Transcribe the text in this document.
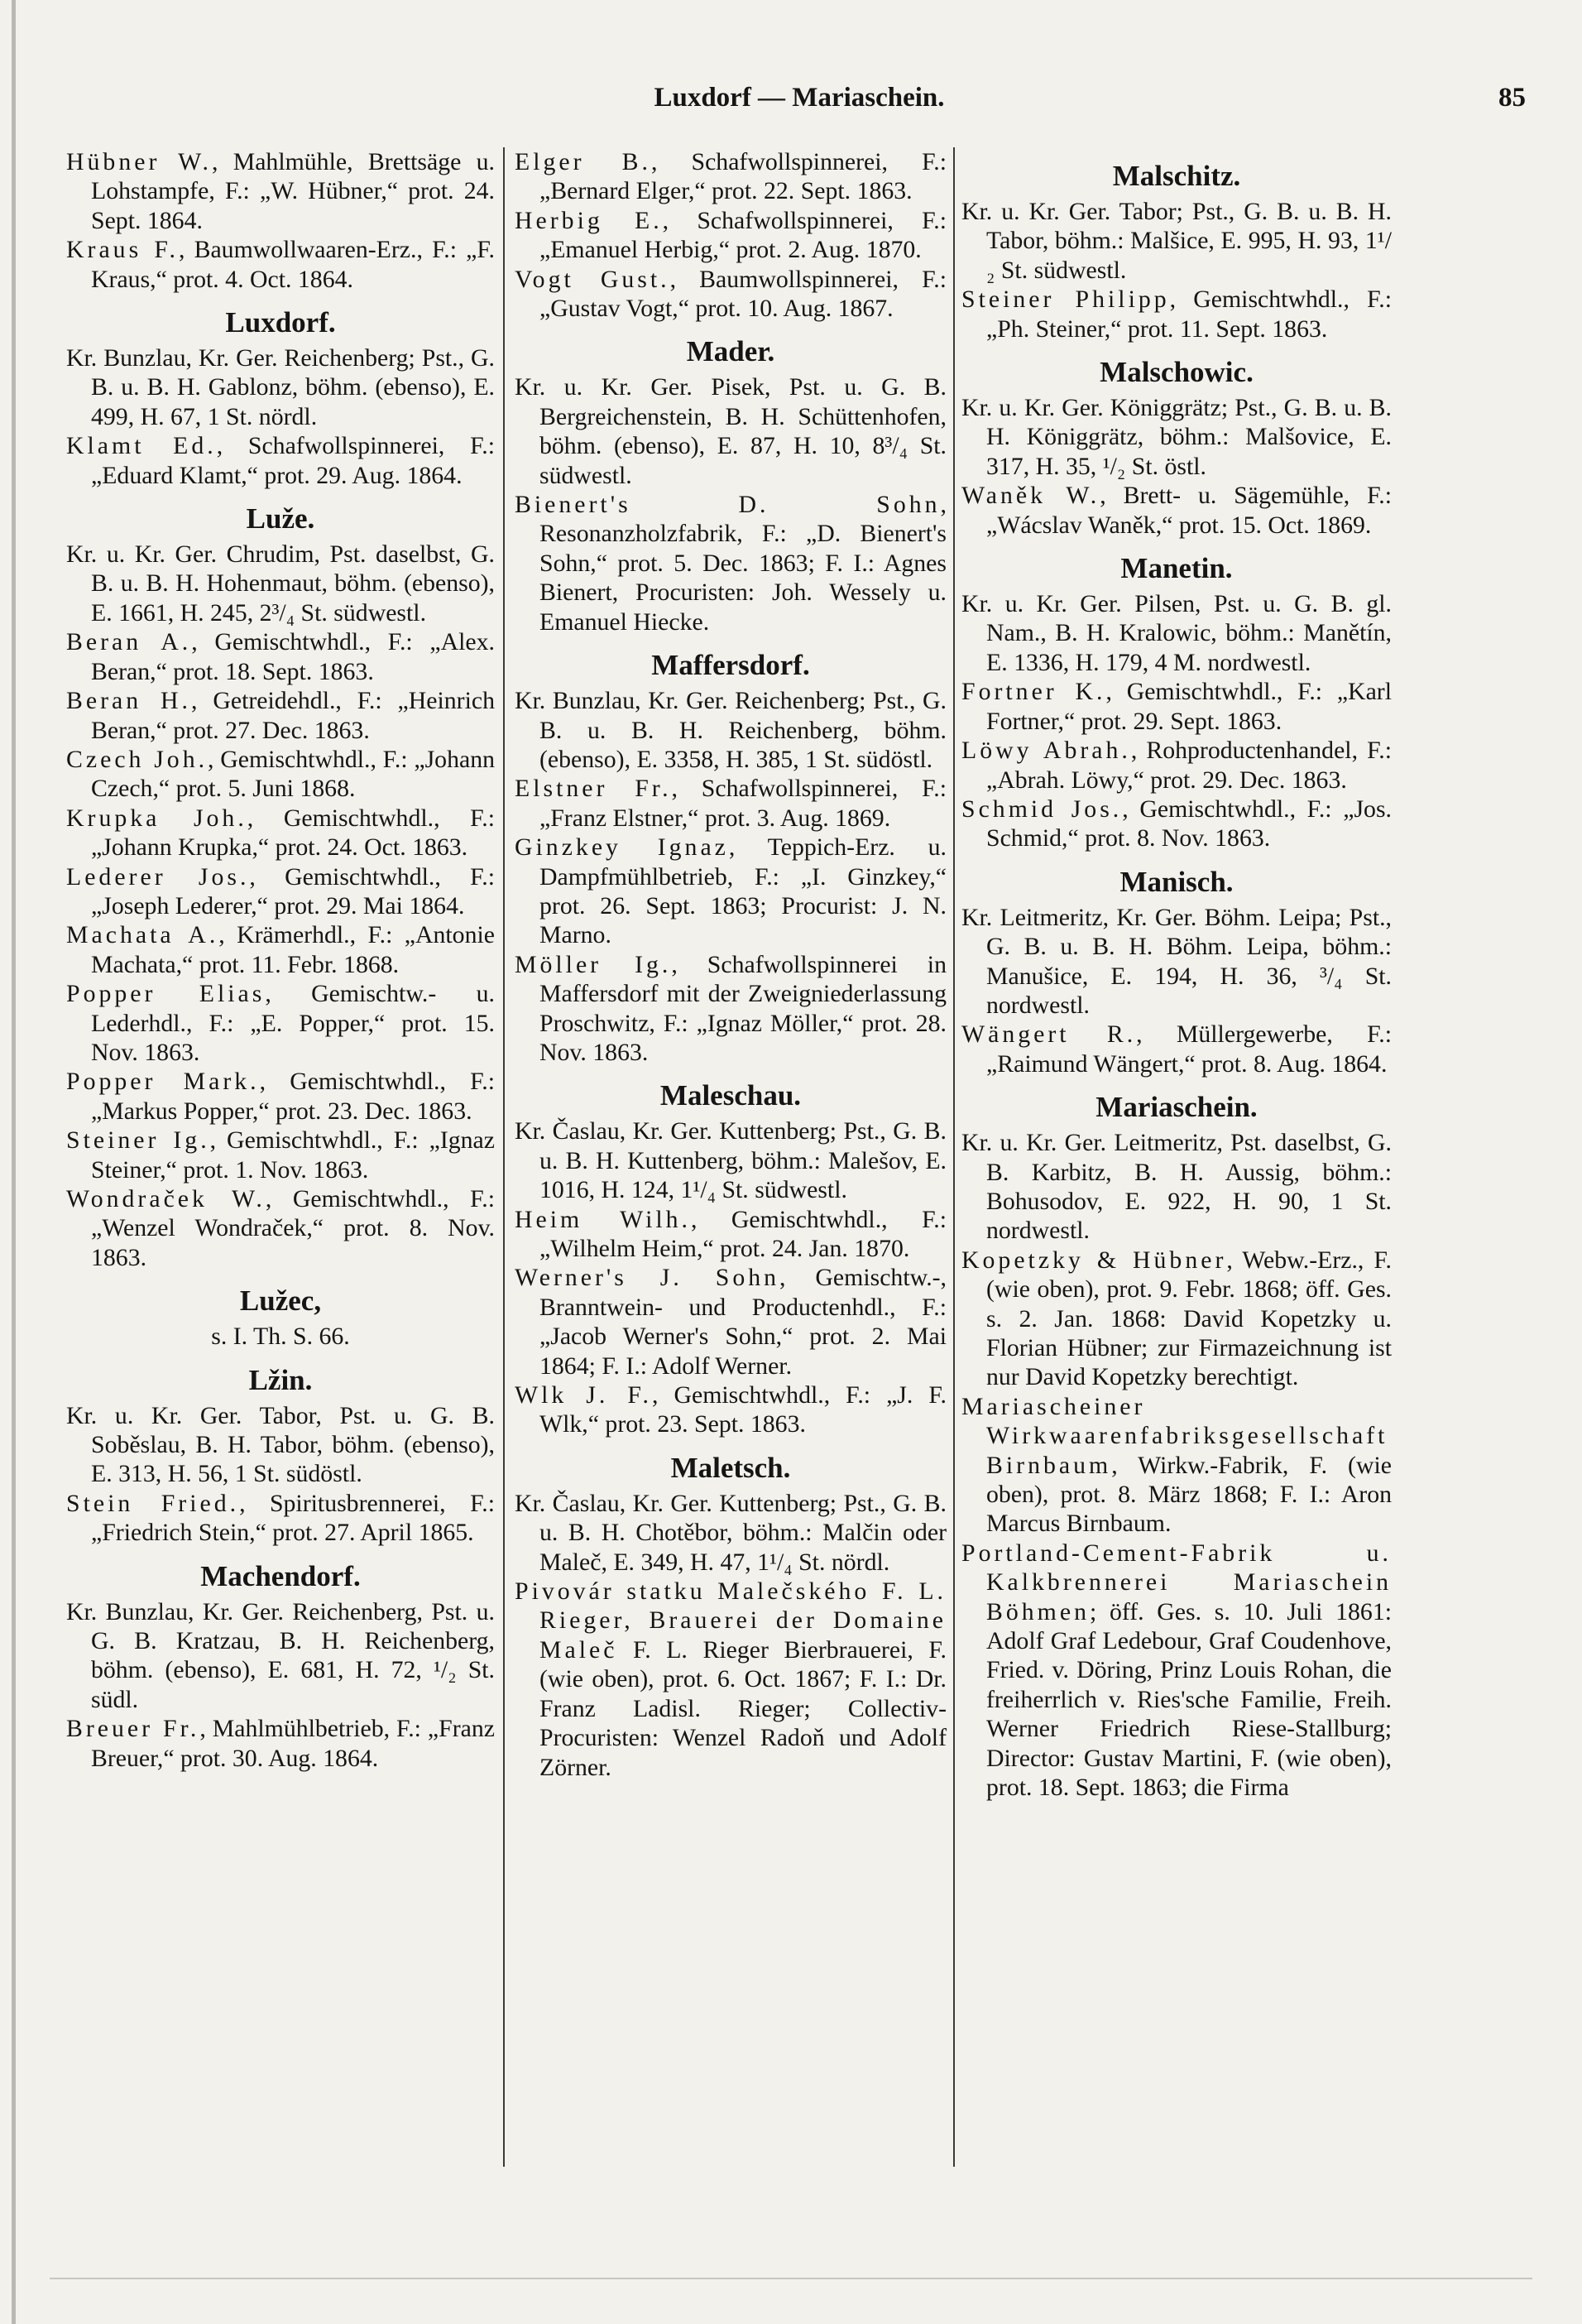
Luxdorf — Mariaschein.	85
Hübner W., Mahlmühle, Brettsäge u. Lohstampfe, F.: „W. Hübner,“ prot. 24. Sept. 1864.
Kraus F., Baumwollwaaren-Erz., F.: „F. Kraus,“ prot. 4. Oct. 1864.
Luxdorf.
Kr. Bunzlau, Kr. Ger. Reichenberg; Pst., G. B. u. B. H. Gablonz, böhm. (ebenso), E. 499, H. 67, 1 St. nördl.
Klamt Ed., Schafwollspinnerei, F.: „Eduard Klamt,“ prot. 29. Aug. 1864.
Luže.
Kr. u. Kr. Ger. Chrudim, Pst. daselbst, G. B. u. B. H. Hohenmaut, böhm. (ebenso), E. 1661, H. 245, 2³/₄ St. südwestl.
Beran A., Gemischtwhdl., F.: „Alex. Beran,“ prot. 18. Sept. 1863.
Beran H., Getreidehdl., F.: „Heinrich Beran,“ prot. 27. Dec. 1863.
Czech Joh., Gemischtwhdl., F.: „Johann Czech,“ prot. 5. Juni 1868.
Krupka Joh., Gemischtwhdl., F.: „Johann Krupka,“ prot. 24. Oct. 1863.
Lederer Jos., Gemischtwhdl., F.: „Joseph Lederer,“ prot. 29. Mai 1864.
Machata A., Krämerhdl., F.: „Antonie Machata,“ prot. 11. Febr. 1868.
Popper Elias, Gemischtw.- u. Lederhdl., F.: „E. Popper,“ prot. 15. Nov. 1863.
Popper Mark., Gemischtwhdl., F.: „Markus Popper,“ prot. 23. Dec. 1863.
Steiner Ig., Gemischtwhdl., F.: „Ignaz Steiner,“ prot. 1. Nov. 1863.
Wondraček W., Gemischtwhdl., F.: „Wenzel Wondraček,“ prot. 8. Nov. 1863.
Lužec,
s. I. Th. S. 66.
Lžin.
Kr. u. Kr. Ger. Tabor, Pst. u. G. B. Soběslau, B. H. Tabor, böhm. (ebenso), E. 313, H. 56, 1 St. südöstl.
Stein Fried., Spiritusbrennerei, F.: „Friedrich Stein,“ prot. 27. April 1865.
Machendorf.
Kr. Bunzlau, Kr. Ger. Reichenberg, Pst. u. G. B. Kratzau, B. H. Reichenberg, böhm. (ebenso), E. 681, H. 72, ¹/₂ St. südl.
Breuer Fr., Mahlmühlbetrieb, F.: „Franz Breuer,“ prot. 30. Aug. 1864.
Elger B., Schafwollspinnerei, F.: „Bernard Elger,“ prot. 22. Sept. 1863.
Herbig E., Schafwollspinnerei, F.: „Emanuel Herbig,“ prot. 2. Aug. 1870.
Vogt Gust., Baumwollspinnerei, F.: „Gustav Vogt,“ prot. 10. Aug. 1867.
Mader.
Kr. u. Kr. Ger. Pisek, Pst. u. G. B. Bergreichenstein, B. H. Schüttenhofen, böhm. (ebenso), E. 87, H. 10, 8³/₄ St. südwestl.
Bienert's D. Sohn, Resonanzholzfabrik, F.: „D. Bienert's Sohn,“ prot. 5. Dec. 1863; F. I.: Agnes Bienert, Procuristen: Joh. Wessely u. Emanuel Hiecke.
Maffersdorf.
Kr. Bunzlau, Kr. Ger. Reichenberg; Pst., G. B. u. B. H. Reichenberg, böhm. (ebenso), E. 3358, H. 385, 1 St. südöstl.
Elstner Fr., Schafwollspinnerei, F.: „Franz Elstner,“ prot. 3. Aug. 1869.
Ginzkey Ignaz, Teppich-Erz. u. Dampfmühlbetrieb, F.: „I. Ginzkey,“ prot. 26. Sept. 1863; Procurist: J. N. Marno.
Möller Ig., Schafwollspinnerei in Maffersdorf mit der Zweigniederlassung Proschwitz, F.: „Ignaz Möller,“ prot. 28. Nov. 1863.
Maleschau.
Kr. Časlau, Kr. Ger. Kuttenberg; Pst., G. B. u. B. H. Kuttenberg, böhm.: Malešov, E. 1016, H. 124, 1¹/₄ St. südwestl.
Heim Wilh., Gemischtwhdl., F.: „Wilhelm Heim,“ prot. 24. Jan. 1870.
Werner's J. Sohn, Gemischtw.-, Branntwein- und Productenhdl., F.: „Jacob Werner's Sohn,“ prot. 2. Mai 1864; F. I.: Adolf Werner.
Wlk J. F., Gemischtwhdl., F.: „J. F. Wlk,“ prot. 23. Sept. 1863.
Maletsch.
Kr. Časlau, Kr. Ger. Kuttenberg; Pst., G. B. u. B. H. Chotěbor, böhm.: Malčin oder Maleč, E. 349, H. 47, 1¹/₄ St. nördl.
Pivovár statku Malečského F. L. Rieger, Brauerei der Domaine Maleč F. L. Rieger Bierbrauerei, F. (wie oben), prot. 6. Oct. 1867; F. I.: Dr. Franz Ladisl. Rieger; Collectiv-Procuristen: Wenzel Radoň und Adolf Zörner.
Malschitz.
Kr. u. Kr. Ger. Tabor; Pst., G. B. u. B. H. Tabor, böhm.: Malšice, E. 995, H. 93, 1¹/₂ St. südwestl.
Steiner Philipp, Gemischtwhdl., F.: „Ph. Steiner,“ prot. 11. Sept. 1863.
Malschowic.
Kr. u. Kr. Ger. Königgrätz; Pst., G. B. u. B. H. Königgrätz, böhm.: Malšovice, E. 317, H. 35, ¹/₂ St. östl.
Waněk W., Brett- u. Sägemühle, F.: „Wácslav Waněk,“ prot. 15. Oct. 1869.
Manetin.
Kr. u. Kr. Ger. Pilsen, Pst. u. G. B. gl. Nam., B. H. Kralowic, böhm.: Manětín, E. 1336, H. 179, 4 M. nordwestl.
Fortner K., Gemischtwhdl., F.: „Karl Fortner,“ prot. 29. Sept. 1863.
Löwy Abrah., Rohproductenhandel, F.: „Abrah. Löwy,“ prot. 29. Dec. 1863.
Schmid Jos., Gemischtwhdl., F.: „Jos. Schmid,“ prot. 8. Nov. 1863.
Manisch.
Kr. Leitmeritz, Kr. Ger. Böhm. Leipa; Pst., G. B. u. B. H. Böhm. Leipa, böhm.: Manušice, E. 194, H. 36, ³/₄ St. nordwestl.
Wängert R., Müllergewerbe, F.: „Raimund Wängert,“ prot. 8. Aug. 1864.
Mariaschein.
Kr. u. Kr. Ger. Leitmeritz, Pst. daselbst, G. B. Karbitz, B. H. Aussig, böhm.: Bohusodov, E. 922, H. 90, 1 St. nordwestl.
Kopetzky & Hübner, Webw.-Erz., F. (wie oben), prot. 9. Febr. 1868; öff. Ges. s. 2. Jan. 1868: David Kopetzky u. Florian Hübner; zur Firmazeichnung ist nur David Kopetzky berechtigt.
Mariascheiner Wirkwaarenfabriksgesellschaft Birnbaum, Wirkw.-Fabrik, F. (wie oben), prot. 8. März 1868; F. I.: Aron Marcus Birnbaum.
Portland-Cement-Fabrik u. Kalkbrennerei Mariaschein Böhmen; öff. Ges. s. 10. Juli 1861: Adolf Graf Ledebour, Graf Coudenhove, Fried. v. Döring, Prinz Louis Rohan, die freiherrlich v. Ries'sche Familie, Freih. Werner Friedrich Riese-Stallburg; Director: Gustav Martini, F. (wie oben), prot. 18. Sept. 1863; die Firma
